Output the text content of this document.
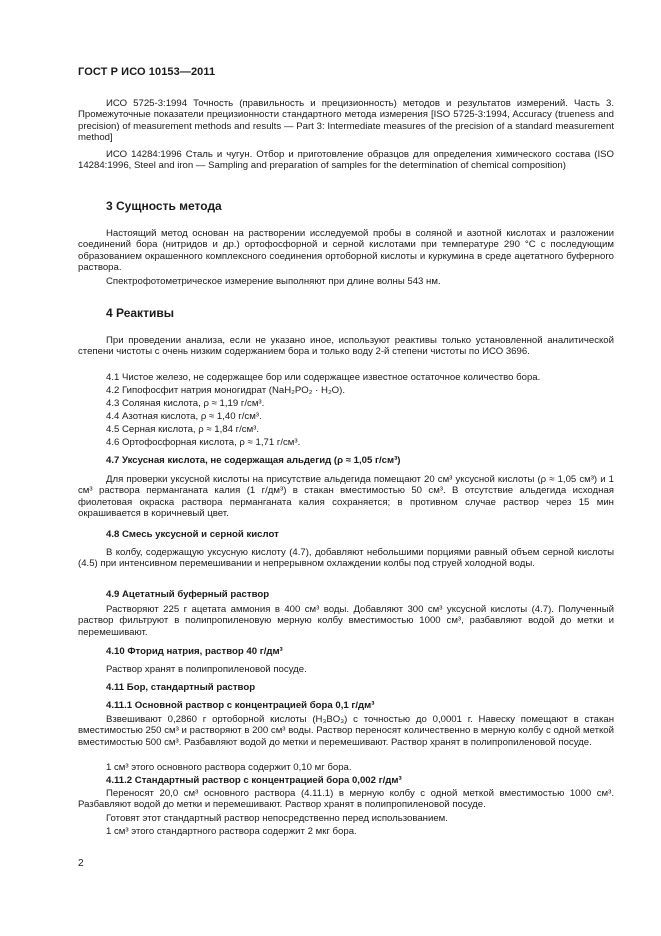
ГОСТ Р ИСО 10153—2011
ИСО 5725-3:1994 Точность (правильность и прецизионность) методов и результатов измерений. Часть 3. Промежуточные показатели прецизионности стандартного метода измерения [ISO 5725-3:1994, Accuracy (trueness and precision) of measurement methods and results — Part 3: Intermediate measures of the precision of a standard measurement method]
ИСО 14284:1996 Сталь и чугун. Отбор и приготовление образцов для определения химического состава (ISO 14284:1996, Steel and iron — Sampling and preparation of samples for the determination of chemical composition)
3 Сущность метода
Настоящий метод основан на растворении исследуемой пробы в соляной и азотной кислотах и разложении соединений бора (нитридов и др.) ортофосфорной и серной кислотами при температуре 290 °С с последующим образованием окрашенного комплексного соединения ортоборной кислоты и куркумина в среде ацетатного буферного раствора.
Спектрофотометрическое измерение выполняют при длине волны 543 нм.
4 Реактивы
При проведении анализа, если не указано иное, используют реактивы только установленной аналитической степени чистоты с очень низким содержанием бора и только воду 2-й степени чистоты по ИСО 3696.
4.1 Чистое железо, не содержащее бор или содержащее известное остаточное количество бора.
4.2 Гипофосфит натрия моногидрат (NaH₂PO₂ · H₂O).
4.3 Соляная кислота, ρ ≈ 1,19 г/см³.
4.4 Азотная кислота, ρ ≈ 1,40 г/см³.
4.5 Серная кислота, ρ ≈ 1,84 г/см³.
4.6 Ортофосфорная кислота, ρ ≈ 1,71 г/см³.
4.7 Уксусная кислота, не содержащая альдегид (ρ ≈ 1,05 г/см³)
Для проверки уксусной кислоты на присутствие альдегида помещают 20 см³ уксусной кислоты (ρ ≈ 1,05 см³) и 1 см³ раствора перманганата калия (1 г/дм³) в стакан вместимостью 50 см³. В отсутствие альдегида исходная фиолетовая окраска раствора перманганата калия сохраняется; в противном случае раствор через 15 мин окрашивается в коричневый цвет.
4.8 Смесь уксусной и серной кислот
В колбу, содержащую уксусную кислоту (4.7), добавляют небольшими порциями равный объем серной кислоты (4.5) при интенсивном перемешивании и непрерывном охлаждении колбы под струей холодной воды.
4.9 Ацетатный буферный раствор
Растворяют 225 г ацетата аммония в 400 см³ воды. Добавляют 300 см³ уксусной кислоты (4.7). Полученный раствор фильтруют в полипропиленовую мерную колбу вместимостью 1000 см³, разбавляют водой до метки и перемешивают.
4.10 Фторид натрия, раствор 40 г/дм³
Раствор хранят в полипропиленовой посуде.
4.11 Бор, стандартный раствор
4.11.1 Основной раствор с концентрацией бора 0,1 г/дм³
Взвешивают 0,2860 г ортоборной кислоты (H₃BO₃) с точностью до 0,0001 г. Навеску помещают в стакан вместимостью 250 см³ и растворяют в 200 см³ воды. Раствор переносят количественно в мерную колбу с одной меткой вместимостью 500 см³. Разбавляют водой до метки и перемешивают. Раствор хранят в полипропиленовой посуде.
1 см³ этого основного раствора содержит 0,10 мг бора.
4.11.2 Стандартный раствор с концентрацией бора 0,002 г/дм³
Переносят 20,0 см³ основного раствора (4.11.1) в мерную колбу с одной меткой вместимостью 1000 см³. Разбавляют водой до метки и перемешивают. Раствор хранят в полипропиленовой посуде.
Готовят этот стандартный раствор непосредственно перед использованием.
1 см³ этого стандартного раствора содержит 2 мкг бора.
2
